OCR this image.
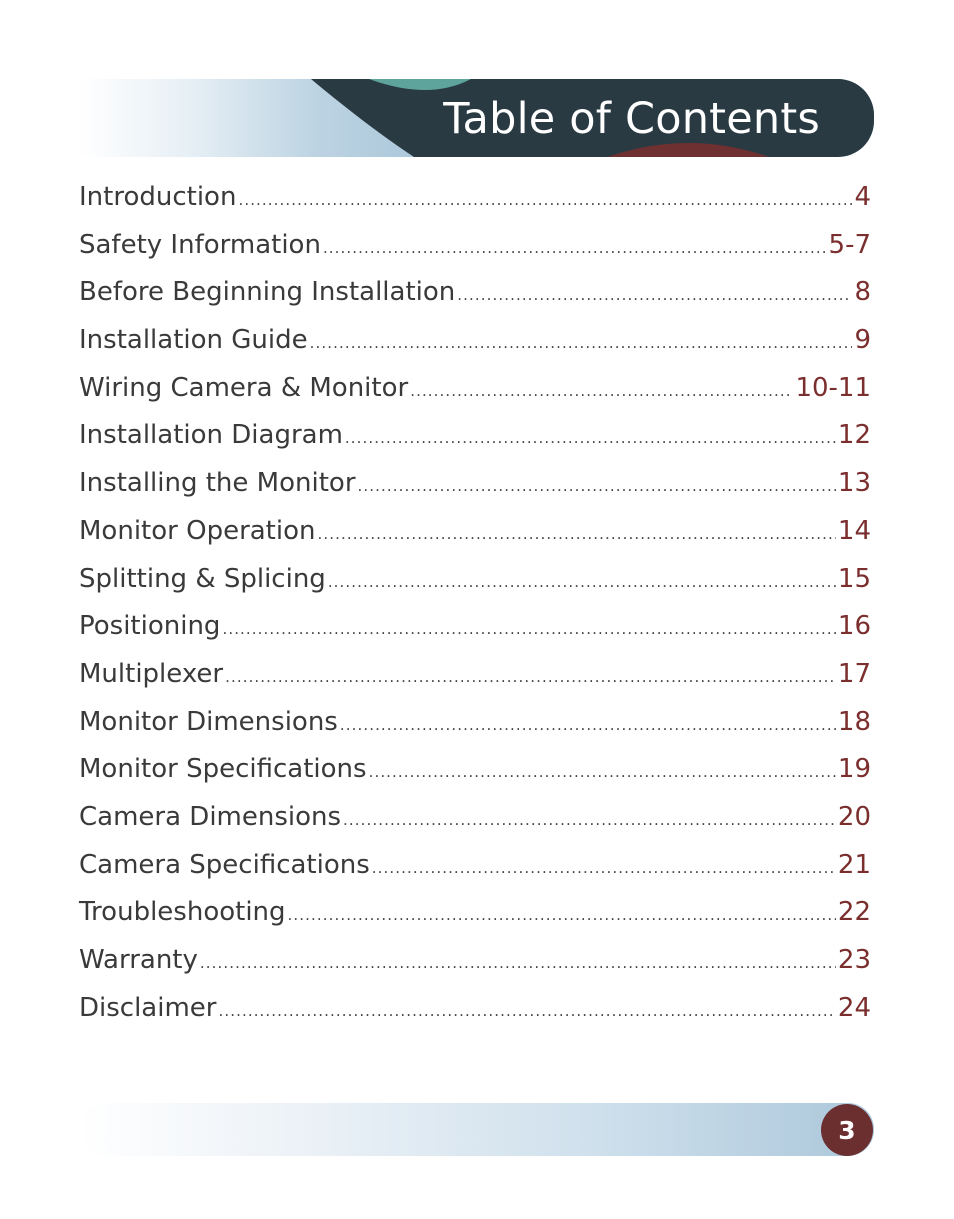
Table of Contents
Introduction .....	4
Safety Information .....	5-7
Before Beginning Installation .....	8
Installation Guide .....	9
Wiring Camera & Monitor .....	10-11
Installation Diagram .....	12
Installing the Monitor .....	13
Monitor Operation .....	14
Splitting & Splicing .....	15
Positioning .....	16
Multiplexer .....	17
Monitor Dimensions .....	18
Monitor Specifications .....	19
Camera Dimensions .....	20
Camera Specifications .....	21
Troubleshooting .....	22
Warranty .....	23
Disclaimer .....	24
3
